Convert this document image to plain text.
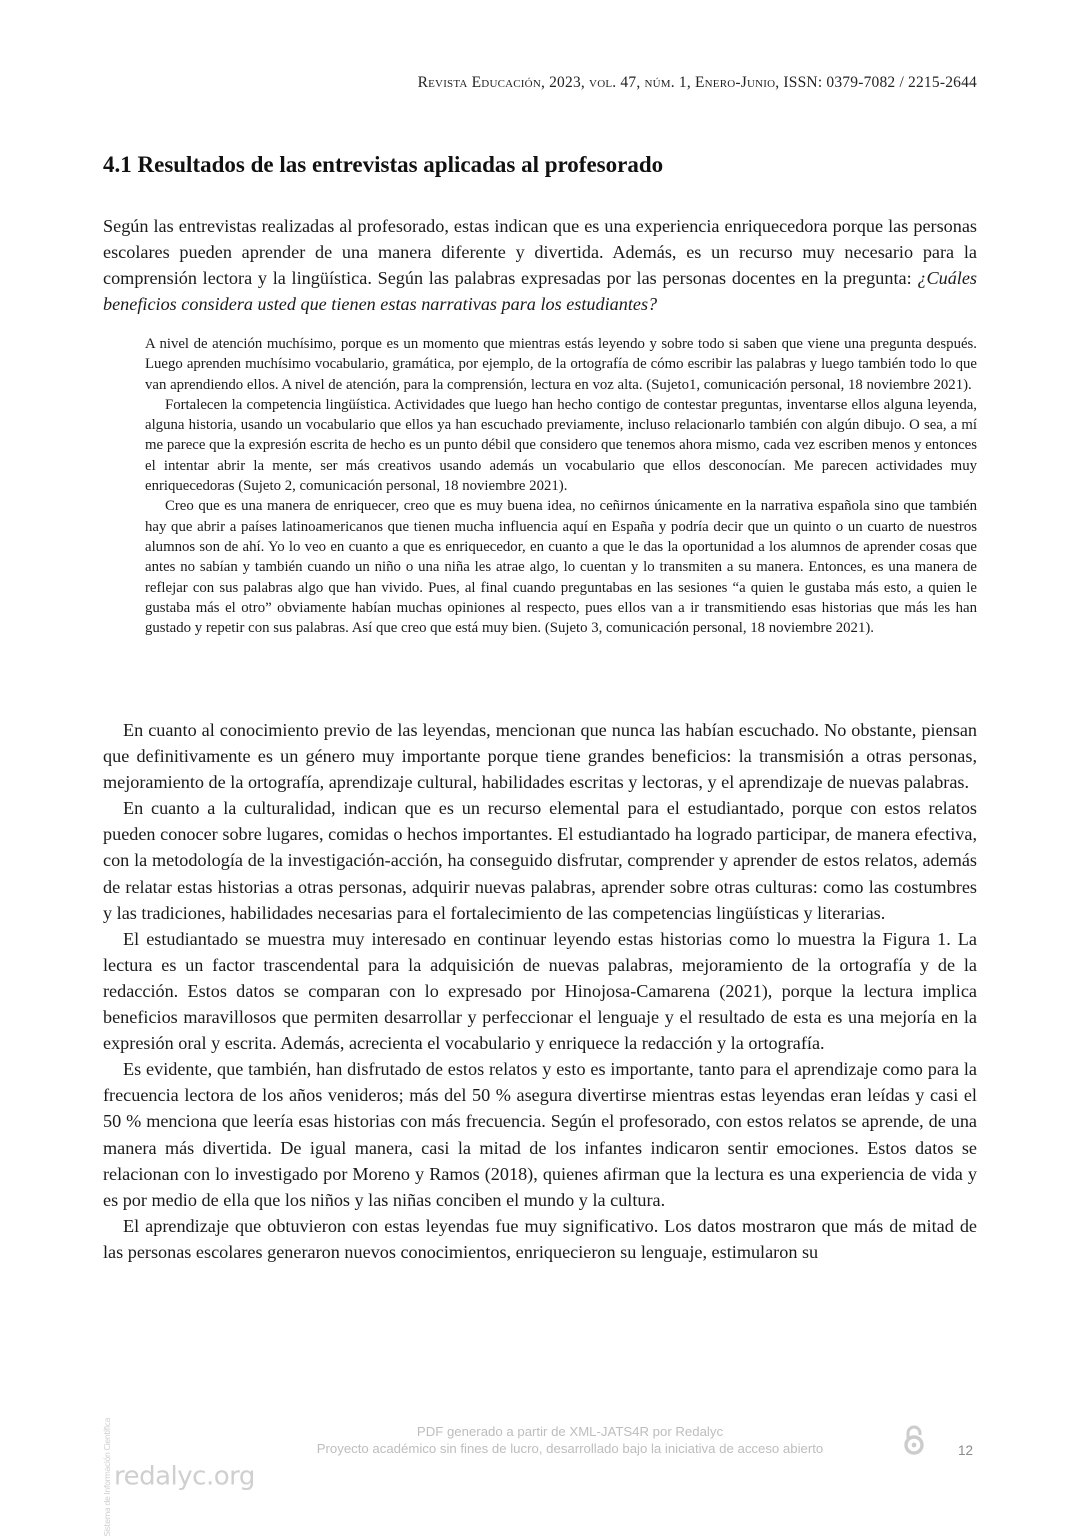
Revista Educación, 2023, vol. 47, núm. 1, Enero-Junio, ISSN: 0379-7082 / 2215-2644
4.1 Resultados de las entrevistas aplicadas al profesorado

Según las entrevistas realizadas al profesorado, estas indican que es una experiencia enriquecedora porque las personas escolares pueden aprender de una manera diferente y divertida. Además, es un recurso muy necesario para la comprensión lectora y la lingüística. Según las palabras expresadas por las personas docentes en la pregunta: ¿Cuáles beneficios considera usted que tienen estas narrativas para los estudiantes?

A nivel de atención muchísimo, porque es un momento que mientras estás leyendo y sobre todo si saben que viene una pregunta después. Luego aprenden muchísimo vocabulario, gramática, por ejemplo, de la ortografía de cómo escribir las palabras y luego también todo lo que van aprendiendo ellos. A nivel de atención, para la comprensión, lectura en voz alta. (Sujeto1, comunicación personal, 18 noviembre 2021).

Fortalecen la competencia lingüística. Actividades que luego han hecho contigo de contestar preguntas, inventarse ellos alguna leyenda, alguna historia, usando un vocabulario que ellos ya han escuchado previamente, incluso relacionarlo también con algún dibujo. O sea, a mí me parece que la expresión escrita de hecho es un punto débil que considero que tenemos ahora mismo, cada vez escriben menos y entonces el intentar abrir la mente, ser más creativos usando además un vocabulario que ellos desconocían. Me parecen actividades muy enriquecedoras (Sujeto 2, comunicación personal, 18 noviembre 2021).

Creo que es una manera de enriquecer, creo que es muy buena idea, no ceñirnos únicamente en la narrativa española sino que también hay que abrir a países latinoamericanos que tienen mucha influencia aquí en España y podría decir que un quinto o un cuarto de nuestros alumnos son de ahí. Yo lo veo en cuanto a que es enriquecedor, en cuanto a que le das la oportunidad a los alumnos de aprender cosas que antes no sabían y también cuando un niño o una niña les atrae algo, lo cuentan y lo transmiten a su manera. Entonces, es una manera de reflejar con sus palabras algo que han vivido. Pues, al final cuando preguntabas en las sesiones “a quien le gustaba más esto, a quien le gustaba más el otro” obviamente habían muchas opiniones al respecto, pues ellos van a ir transmitiendo esas historias que más les han gustado y repetir con sus palabras. Así que creo que está muy bien. (Sujeto 3, comunicación personal, 18 noviembre 2021).

En cuanto al conocimiento previo de las leyendas, mencionan que nunca las habían escuchado. No obstante, piensan que definitivamente es un género muy importante porque tiene grandes beneficios: la transmisión a otras personas, mejoramiento de la ortografía, aprendizaje cultural, habilidades escritas y lectoras, y el aprendizaje de nuevas palabras.

En cuanto a la culturalidad, indican que es un recurso elemental para el estudiantado, porque con estos relatos pueden conocer sobre lugares, comidas o hechos importantes. El estudiantado ha logrado participar, de manera efectiva, con la metodología de la investigación-acción, ha conseguido disfrutar, comprender y aprender de estos relatos, además de relatar estas historias a otras personas, adquirir nuevas palabras, aprender sobre otras culturas: como las costumbres y las tradiciones, habilidades necesarias para el fortalecimiento de las competencias lingüísticas y literarias.

El estudiantado se muestra muy interesado en continuar leyendo estas historias como lo muestra la Figura 1. La lectura es un factor trascendental para la adquisición de nuevas palabras, mejoramiento de la ortografía y de la redacción. Estos datos se comparan con lo expresado por Hinojosa-Camarena (2021), porque la lectura implica beneficios maravillosos que permiten desarrollar y perfeccionar el lenguaje y el resultado de esta es una mejoría en la expresión oral y escrita. Además, acrecienta el vocabulario y enriquece la redacción y la ortografía.

Es evidente, que también, han disfrutado de estos relatos y esto es importante, tanto para el aprendizaje como para la frecuencia lectora de los años venideros; más del 50 % asegura divertirse mientras estas leyendas eran leídas y casi el 50 % menciona que leería esas historias con más frecuencia. Según el profesorado, con estos relatos se aprende, de una manera más divertida. De igual manera, casi la mitad de los infantes indicaron sentir emociones. Estos datos se relacionan con lo investigado por Moreno y Ramos (2018), quienes afirman que la lectura es una experiencia de vida y es por medio de ella que los niños y las niñas conciben el mundo y la cultura.

El aprendizaje que obtuvieron con estas leyendas fue muy significativo. Los datos mostraron que más de mitad de las personas escolares generaron nuevos conocimientos, enriquecieron su lenguaje, estimularon su

Sistema de Información Científicaredalyc.org
PDF generado a partir de XML-JATS4R por Redalyc
Proyecto académico sin fines de lucro, desarrollado bajo la iniciativa de acceso abierto	12
